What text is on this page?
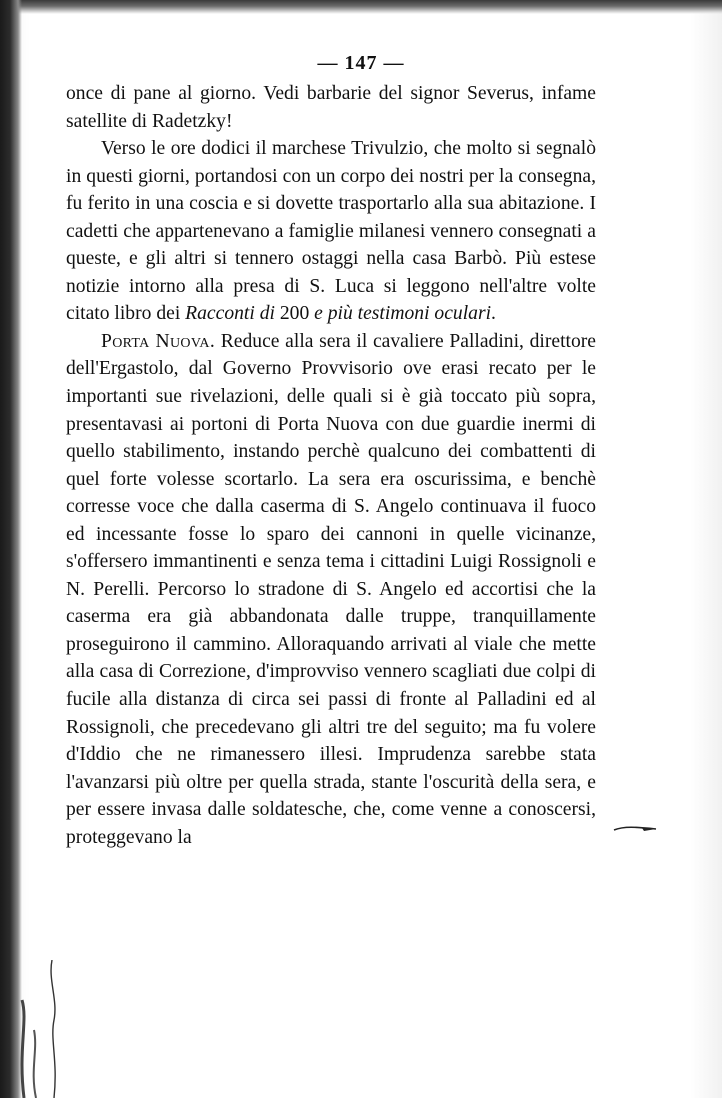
— 147 —

once di pane al giorno. Vedi barbarie del signor Severus, infame satellite di Radetzky!

Verso le ore dodici il marchese Trivulzio, che molto si segnalò in questi giorni, portandosi con un corpo dei nostri per la consegna, fu ferito in una coscia e si dovette trasportarlo alla sua abitazione. I cadetti che appartenevano a famiglie milanesi vennero consegnati a queste, e gli altri si tennero ostaggi nella casa Barbò. Più estese notizie intorno alla presa di S. Luca si leggono nell'altre volte citato libro dei Racconti di 200 e più testimoni oculari.

Porta Nuova. Reduce alla sera il cavaliere Palladini, direttore dell'Ergastolo, dal Governo Provvisorio ove erasi recato per le importanti sue rivelazioni, delle quali si è già toccato più sopra, presentavasi ai portoni di Porta Nuova con due guardie inermi di quello stabilimento, instando perchè qualcuno dei combattenti di quel forte volesse scortarlo. La sera era oscurissima, e benchè corresse voce che dalla caserma di S. Angelo continuava il fuoco ed incessante fosse lo sparo dei cannoni in quelle vicinanze, s'offersero immantinenti e senza tema i cittadini Luigi Rossignoli e N. Perelli. Percorso lo stradone di S. Angelo ed accortisi che la caserma era già abbandonata dalle truppe, tranquillamente proseguirono il cammino. Alloraquando arrivati al viale che mette alla casa di Correzione, d'improvviso vennero scagliati due colpi di fucile alla distanza di circa sei passi di fronte al Palladini ed al Rossignoli, che precedevano gli altri tre del seguito; ma fu volere d'Iddio che ne rimanessero illesi. Imprudenza sarebbe stata l'avanzarsi più oltre per quella strada, stante l'oscurità della sera, e per essere invasa dalle soldatesche, che, come venne a conoscersi, proteggevano la
